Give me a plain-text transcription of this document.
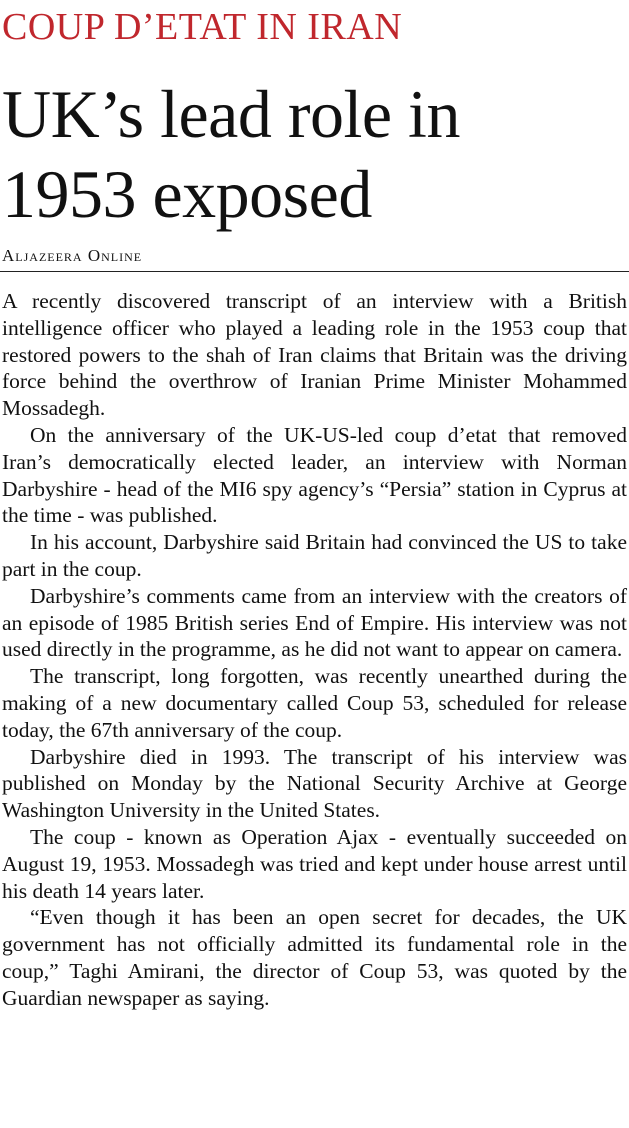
COUP D’ETAT IN IRAN
UK’s lead role in
1953 exposed
Aljazeera Online

A recently discovered transcript of an interview with a British intelligence officer who played a leading role in the 1953 coup that restored powers to the shah of Iran claims that Britain was the driving force behind the overthrow of Iranian Prime Minister Mohammed Mossadegh.

On the anniversary of the UK-US-led coup d’etat that removed Iran’s democratically elected leader, an interview with Norman Darbyshire - head of the MI6 spy agency’s “Persia” station in Cyprus at the time - was published.

In his account, Darbyshire said Britain had convinced the US to take part in the coup.

Darbyshire’s comments came from an interview with the creators of an episode of 1985 British series End of Empire. His interview was not used directly in the programme, as he did not want to appear on camera.

The transcript, long forgotten, was recently unearthed during the making of a new documentary called Coup 53, scheduled for release today, the 67th anniversary of the coup.

Darbyshire died in 1993. The transcript of his interview was published on Monday by the National Security Archive at George Washington University in the United States.

The coup - known as Operation Ajax - eventually succeeded on August 19, 1953. Mossadegh was tried and kept under house arrest until his death 14 years later.

“Even though it has been an open secret for decades, the UK government has not officially admitted its fundamental role in the coup,” Taghi Amirani, the director of Coup 53, was quoted by the Guardian newspaper as saying.
